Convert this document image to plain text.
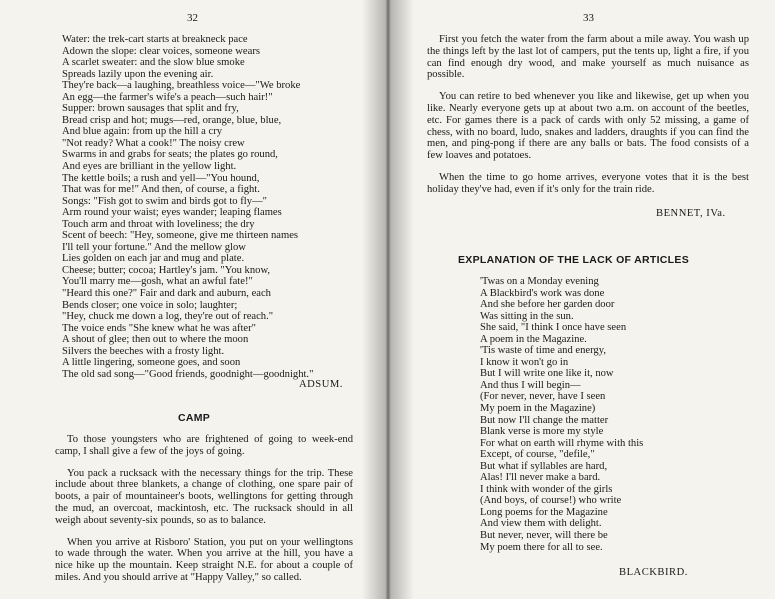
32
Water: the trek-cart starts at breakneck pace
Adown the slope: clear voices, someone wears
A scarlet sweater: and the slow blue smoke
Spreads lazily upon the evening air.
They're back—a laughing, breathless voice—"We broke
An egg—the farmer's wife's a peach—such hair!"
Supper: brown sausages that split and fry,
Bread crisp and hot; mugs—red, orange, blue, blue,
And blue again: from up the hill a cry
"Not ready? What a cook!" The noisy crew
Swarms in and grabs for seats; the plates go round,
And eyes are brilliant in the yellow light.
The kettle boils; a rush and yell—"You hound,
That was for me!" And then, of course, a fight.
Songs: "Fish got to swim and birds got to fly—"
Arm round your waist; eyes wander; leaping flames
Touch arm and throat with loveliness; the dry
Scent of beech: "Hey, someone, give me thirteen names
I'll tell your fortune." And the mellow glow
Lies golden on each jar and mug and plate.
Cheese; butter; cocoa; Hartley's jam. "You know,
You'll marry me—gosh, what an awful fate!"
"Heard this one?" Fair and dark and auburn, each
Bends closer; one voice in solo; laughter;
"Hey, chuck me down a log, they're out of reach."
The voice ends "She knew what he was after"
A shout of glee; then out to where the moon
Silvers the beeches with a frosty light.
A little lingering, someone goes, and soon
The old sad song—"Good friends, goodnight—goodnight."
ADSUM.
CAMP

To those youngsters who are frightened of going to week-end camp, I shall give a few of the joys of going.

You pack a rucksack with the necessary things for the trip. These include about three blankets, a change of clothing, one spare pair of boots, a pair of mountaineer's boots, wellingtons for getting through the mud, an overcoat, mackintosh, etc. The rucksack should in all weigh about seventy-six pounds, so as to balance.

When you arrive at Risboro' Station, you put on your wellingtons to wade through the water. When you arrive at the hill, you have a nice hike up the mountain. Keep straight N.E. for about a couple of miles. And you should arrive at "Happy Valley," so called.

33

First you fetch the water from the farm about a mile away. You wash up the things left by the last lot of campers, put the tents up, light a fire, if you can find enough dry wood, and make yourself as much nuisance as possible.

You can retire to bed whenever you like and likewise, get up when you like. Nearly everyone gets up at about two a.m. on account of the beetles, etc. For games there is a pack of cards with only 52 missing, a game of chess, with no board, ludo, snakes and ladders, draughts if you can find the men, and ping-pong if there are any balls or bats. The food consists of a few loaves and potatoes.

When the time to go home arrives, everyone votes that it is the best holiday they've had, even if it's only for the train ride.

BENNET, IVa.
EXPLANATION OF THE LACK OF ARTICLES
'Twas on a Monday evening
A Blackbird's work was done
And she before her garden door
Was sitting in the sun.
She said, "I think I once have seen
A poem in the Magazine.
'Tis waste of time and energy,
I know it won't go in
But I will write one like it, now
And thus I will begin—
(For never, never, have I seen
My poem in the Magazine)
But now I'll change the matter
Blank verse is more my style
For what on earth will rhyme with this
Except, of course, "defile,"
But what if syllables are hard,
Alas! I'll never make a bard.
I think with wonder of the girls
(And boys, of course!) who write
Long poems for the Magazine
And view them with delight.
But never, never, will there be
My poem there for all to see.
BLACKBIRD.
